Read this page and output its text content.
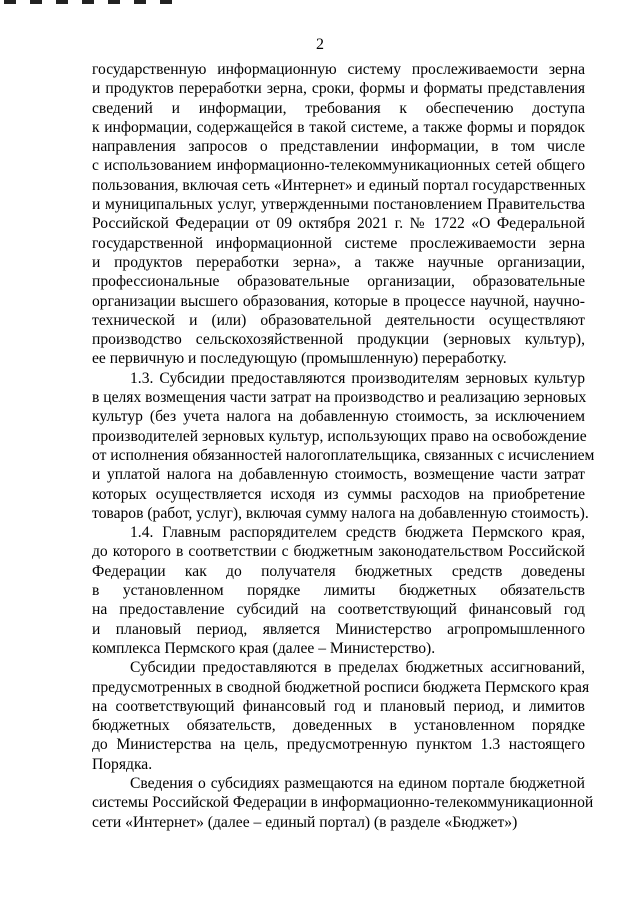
2
государственную информационную систему прослеживаемости зерна
и продуктов переработки зерна, сроки, формы и форматы представления
сведений и информации, требования к обеспечению доступа
к информации, содержащейся в такой системе, а также формы и порядок
направления запросов о представлении информации, в том числе
с использованием информационно-телекоммуникационных сетей общего
пользования, включая сеть «Интернет» и единый портал государственных
и муниципальных услуг, утвержденными постановлением Правительства
Российской Федерации от 09 октября 2021 г. № 1722 «О Федеральной
государственной информационной системе прослеживаемости зерна
и продуктов переработки зерна», а также научные организации,
профессиональные образовательные организации, образовательные
организации высшего образования, которые в процессе научной, научно-
технической и (или) образовательной деятельности осуществляют
производство сельскохозяйственной продукции (зерновых культур),
ее первичную и последующую (промышленную) переработку.
1.3. Субсидии предоставляются производителям зерновых культур
в целях возмещения части затрат на производство и реализацию зерновых
культур (без учета налога на добавленную стоимость, за исключением
производителей зерновых культур, использующих право на освобождение
от исполнения обязанностей налогоплательщика, связанных с исчислением
и уплатой налога на добавленную стоимость, возмещение части затрат
которых осуществляется исходя из суммы расходов на приобретение
товаров (работ, услуг), включая сумму налога на добавленную стоимость).
1.4. Главным распорядителем средств бюджета Пермского края,
до которого в соответствии с бюджетным законодательством Российской
Федерации как до получателя бюджетных средств доведены
в установленном порядке лимиты бюджетных обязательств
на предоставление субсидий на соответствующий финансовый год
и плановый период, является Министерство агропромышленного
комплекса Пермского края (далее – Министерство).
Субсидии предоставляются в пределах бюджетных ассигнований,
предусмотренных в сводной бюджетной росписи бюджета Пермского края
на соответствующий финансовый год и плановый период, и лимитов
бюджетных обязательств, доведенных в установленном порядке
до Министерства на цель, предусмотренную пунктом 1.3 настоящего
Порядка.
Сведения о субсидиях размещаются на едином портале бюджетной
системы Российской Федерации в информационно-телекоммуникационной
сети «Интернет» (далее – единый портал) (в разделе «Бюджет»)
